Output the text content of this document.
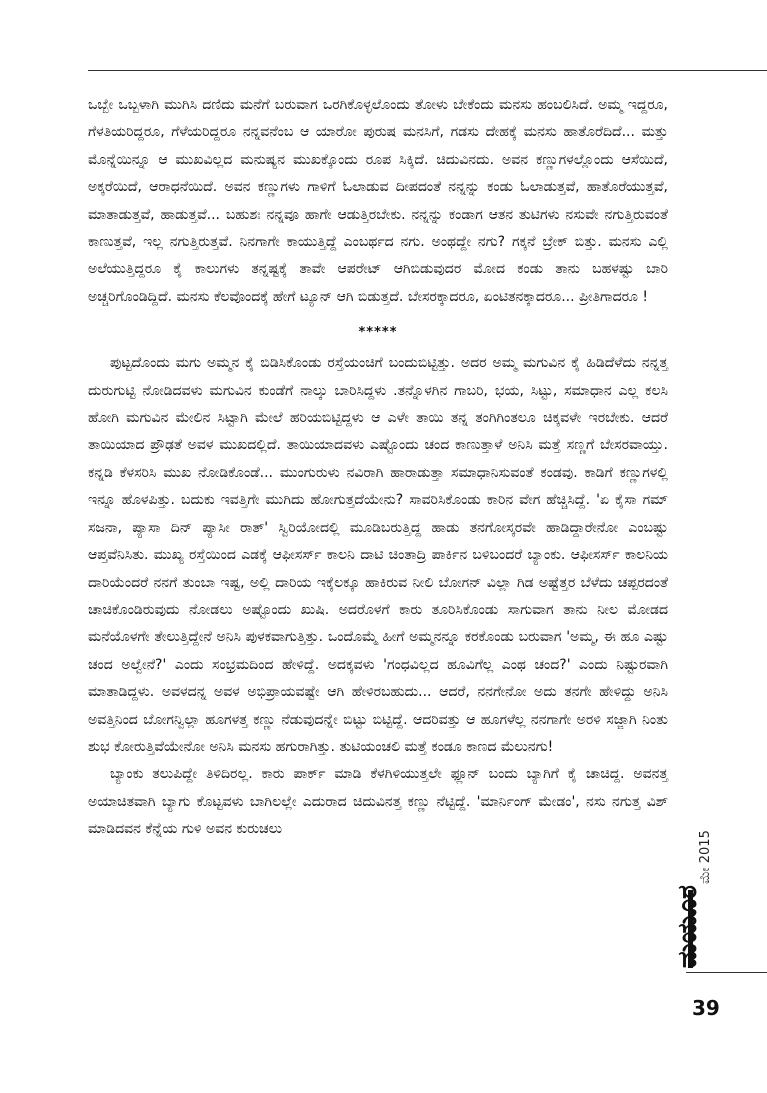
ಒಬ್ಬೇ ಒಬ್ಬಳಾಗಿ ಮುಗಿಸಿ ದಣಿದು ಮನೆಗೆ ಬರುವಾಗ ಒರಗಿಕೊಳ್ಳಲೊಂದು ತೋಳು ಬೇಕೆಂದು ಮನಸು ಹಂಬಲಿಸಿದೆ. ಅಮ್ಮ ಇದ್ದರೂ, ಗೆಳತಿಯರಿದ್ದರೂ, ಗೆಳೆಯರಿದ್ದರೂ ನನ್ನವನೆಂಬ ಆ ಯಾರೋ ಪುರುಷ ಮನಸಿಗೆ, ಗಡಸು ದೇಹಕ್ಕೆ ಮನಸು ಹಾತೊರೆದಿದೆ... ಮತ್ತು ಮೊನ್ನೆಯಿನ್ನೂ ಆ ಮುಖವಿಲ್ಲದ ಮನುಷ್ಯನ ಮುಖಕ್ಕೊಂದು ರೂಪ ಸಿಕ್ಕಿದೆ. ಚಿದುವಿನದು. ಅವನ ಕಣ್ಣುಗಳಲ್ಲೊಂದು ಆಸೆಯಿದೆ, ಅಕ್ಕರೆಯಿದೆ, ಆರಾಧನೆಯಿದೆ. ಅವನ ಕಣ್ಣುಗಳು ಗಾಳಿಗೆ ಓಲಾಡುವ ದೀಪದಂತೆ ನನ್ನನ್ನು ಕಂಡು ಓಲಾಡುತ್ತವೆ, ಹಾತೊರೆಯುತ್ತವೆ, ಮಾತಾಡುತ್ತವೆ, ಹಾಡುತ್ತವೆ... ಬಹುಶಃ ನನ್ನವೂ ಹಾಗೇ ಆಡುತ್ತಿರಬೇಕು. ನನ್ನನ್ನು ಕಂಡಾಗ ಆತನ ತುಟಿಗಳು ನಸುವೇ ನಗುತ್ತಿರುವಂತೆ ಕಾಣುತ್ತವೆ, ಇಲ್ಲ ನಗುತ್ತಿರುತ್ತವೆ. ನಿನಗಾಗೇ ಕಾಯುತ್ತಿದ್ದೆ ಎಂಬರ್ಥದ ನಗು. ಅಂಥದ್ದೇ ನಗು? ಗಕ್ಕನೆ ಬ್ರೇಕ್ ಬಿತ್ತು. ಮನಸು ಎಲ್ಲಿ ಅಲೆಯುತ್ತಿದ್ದರೂ ಕೈ ಕಾಲುಗಳು ತನ್ನಷ್ಟಕ್ಕೆ ತಾವೇ ಆಪರೇಟ್ ಆಗಿಬಿಡುವುದರ ಮೋದ ಕಂಡು ತಾನು ಬಹಳಷ್ಟು ಬಾರಿ ಅಚ್ಚರಿಗೊಂಡಿದ್ದಿದೆ. ಮನಸು ಕೆಲವೊಂದಕ್ಕೆ ಹೇಗೆ ಟ್ಯೂನ್ ಆಗಿ ಬಿಡುತ್ತದೆ. ಬೇಸರಕ್ಕಾದರೂ, ಏಂಟಿತನಕ್ಕಾದರೂ... ಪ್ರೀತಿಗಾದರೂ !

*****

ಪುಟ್ಟದೊಂದು ಮಗು ಅಮ್ಮನ ಕೈ ಬಿಡಿಸಿಕೊಂಡು ರಸ್ತೆಯಂಚಿಗೆ ಬಂದುಬಿಟ್ಟಿತ್ತು. ಅದರ ಅಮ್ಮ ಮಗುವಿನ ಕೈ ಹಿಡಿದೆಳೆದು ನನ್ನತ್ತ ದುರುಗುಟ್ಟಿ ನೋಡಿದವಳು ಮಗುವಿನ ಕುಂಡೆಗೆ ನಾಲ್ಕು ಬಾರಿಸಿದ್ದಳು .ತನ್ನೊಳಗಿನ ಗಾಬರಿ, ಭಯ, ಸಿಟ್ಟು, ಸಮಾಧಾನ ಎಲ್ಲ ಕಲಸಿ ಹೋಗಿ ಮಗುವಿನ ಮೇಲಿನ ಸಿಟ್ಟಾಗಿ ಮೇಲೆ ಹರಿಯಬಿಟ್ಟಿದ್ದಳು ಆ ಎಳೇ ತಾಯಿ ತನ್ನ ತಂಗಿಗಿಂತಲೂ ಚಿಕ್ಕವಳೇ ಇರಬೇಕು. ಆದರೆ ತಾಯಿಯಾದ ಪ್ರೌಢತೆ ಅವಳ ಮುಖದಲ್ಲಿದೆ. ತಾಯಿಯಾದವಳು ಎಷ್ಟೊಂದು ಚಂದ ಕಾಣುತ್ತಾಳೆ ಅನಿಸಿ ಮತ್ತೆ ಸಣ್ಣಗೆ ಬೇಸರವಾಯ್ತು. ಕನ್ನಡಿ ಕೆಳಸರಿಸಿ ಮುಖ ನೋಡಿಕೊಂಡೆ... ಮುಂಗುರುಳು ನವಿರಾಗಿ ಹಾರಾಡುತ್ತಾ ಸಮಾಧಾನಿಸುವಂತೆ ಕಂಡವು. ಕಾಡಿಗೆ ಕಣ್ಣುಗಳಲ್ಲಿ ಇನ್ನೂ ಹೊಳಪಿತ್ತು. ಬದುಕು ಇವತ್ತಿಗೇ ಮುಗಿದು ಹೋಗುತ್ತದೆಯೇನು? ಸಾವರಿಸಿಕೊಂಡು ಕಾರಿನ ವೇಗ ಹೆಚ್ಚಿಸಿದ್ದೆ. 'ಏ ಕೈಸಾ ಗಮ್ ಸಜನಾ, ಪ್ಯಾಸಾ ದಿನ್ ಪ್ಯಾಸೀ ರಾತ್' ಸ್ವಿರಿಯೋದಲ್ಲಿ ಮೂಡಿಬರುತ್ತಿದ್ದ ಹಾಡು ತನಗೋಸ್ಕರವೇ ಹಾಡಿದ್ದಾರೇನೋ ಎಂಬಷ್ಟು ಆಪ್ತವೆನಿಸಿತು. ಮುಖ್ಯ ರಸ್ತೆಯಿಂದ ಎಡಕ್ಕೆ ಆಫೀಸರ್ಸ್ ಕಾಲನಿ ದಾಟಿ ಚಿಂತಾದ್ರಿ ಪಾರ್ಕಿನ ಬಳಿಬಂದರೆ ಬ್ಯಾಂಕು. ಆಫೀಸರ್ಸ್ ಕಾಲನಿಯ ದಾರಿಯೆಂದರೆ ನನಗೆ ತುಂಬಾ ಇಷ್ಟ, ಅಲ್ಲಿ ದಾರಿಯ ಇಕ್ಕೆಲಕ್ಕೂ ಹಾಕಿರುವ ನೀಲಿ ಬೋಗನ್ ವಿಲ್ಲಾ ಗಿಡ ಅಷ್ಟೆತ್ತರ ಬೆಳೆದು ಚಪ್ಪರದಂತೆ ಚಾಚಿಕೊಂಡಿರುವುದು ನೋಡಲು ಅಷ್ಟೊಂದು ಖುಷಿ. ಅದರೊಳಗೆ ಕಾರು ತೂರಿಸಿಕೊಂಡು ಸಾಗುವಾಗ ತಾನು ನೀಲ ಮೋಡದ ಮನೆಯೊಳಗೇ ತೇಲುತ್ತಿದ್ದೇನೆ ಅನಿಸಿ ಪುಳಕವಾಗುತ್ತಿತ್ತು. ಒಂದೊಮ್ಮೆ ಹೀಗೆ ಅಮ್ಮನನ್ನೂ ಕರಕೊಂಡು ಬರುವಾಗ 'ಅಮ್ಮ, ಈ ಹೂ ಎಷ್ಟು ಚಂದ ಅಲ್ವೇನೆ?' ಎಂದು ಸಂಭ್ರಮದಿಂದ ಹೇಳಿದ್ದೆ. ಅದಕ್ಕವಳು 'ಗಂಧವಿಲ್ಲದ ಹೂವಿಗೆಲ್ಲ ಎಂಥ ಚಂದ?' ಎಂದು ನಿಷ್ಟುರವಾಗಿ ಮಾತಾಡಿದ್ದಳು. ಅವಳದನ್ನ ಅವಳ ಅಭಿಪ್ರಾಯವಷ್ಟೇ ಆಗಿ ಹೇಳಿರಬಹುದು... ಆದರೆ, ನನಗೇನೋ ಅದು ತನಗೇ ಹೇಳಿದ್ದು ಅನಿಸಿ ಅವತ್ತಿನಿಂದ ಬೋಗನ್ವಿಲ್ಲಾ ಹೂಗಳತ್ತ ಕಣ್ಣು ನೆಡುವುದನ್ನೇ ಬಿಟ್ಟು ಬಿಟ್ಟಿದ್ದೆ. ಆದರಿವತ್ತು ಆ ಹೂಗಳೆಲ್ಲ ನನಗಾಗೇ ಅರಳಿ ಸಜ್ಜಾಗಿ ನಿಂತು ಶುಭ ಕೋರುತ್ತಿವೆಯೇನೋ ಅನಿಸಿ ಮನಸು ಹಗುರಾಗಿತ್ತು. ತುಟಿಯಂಚಲಿ ಮತ್ತೆ ಕಂಡೂ ಕಾಣದ ಮೆಲುನಗು!

ಬ್ಯಾಂಕು ತಲುಪಿದ್ದೇ ತಿಳಿದಿರಲ್ಲ. ಕಾರು ಪಾರ್ಕ್ ಮಾಡಿ ಕೆಳಗಿಳಿಯುತ್ತಲೇ ಫ್ಲೂನ್ ಬಂದು ಬ್ಯಾಗಿಗೆ ಕೈ ಚಾಚಿದ್ದ. ಅವನತ್ತ ಅಯಾಚಿತವಾಗಿ ಬ್ಯಾಗು ಕೊಟ್ಟವಳು ಬಾಗಿಲಲ್ಲೇ ಎದುರಾದ ಚಿದುವಿನತ್ತ ಕಣ್ಣು ನೆಟ್ಟಿದ್ದೆ. 'ಮಾರ್ನಿಂಗ್ ಮೇಡಂ', ನಸು ನಗುತ್ತ ವಿಶ್ ಮಾಡಿದವನ ಕೆನ್ನೆಯ ಗುಳಿ ಅವನ ಕುರುಚಲು

ಮೇ 2015
ಮಯೂರ
39
